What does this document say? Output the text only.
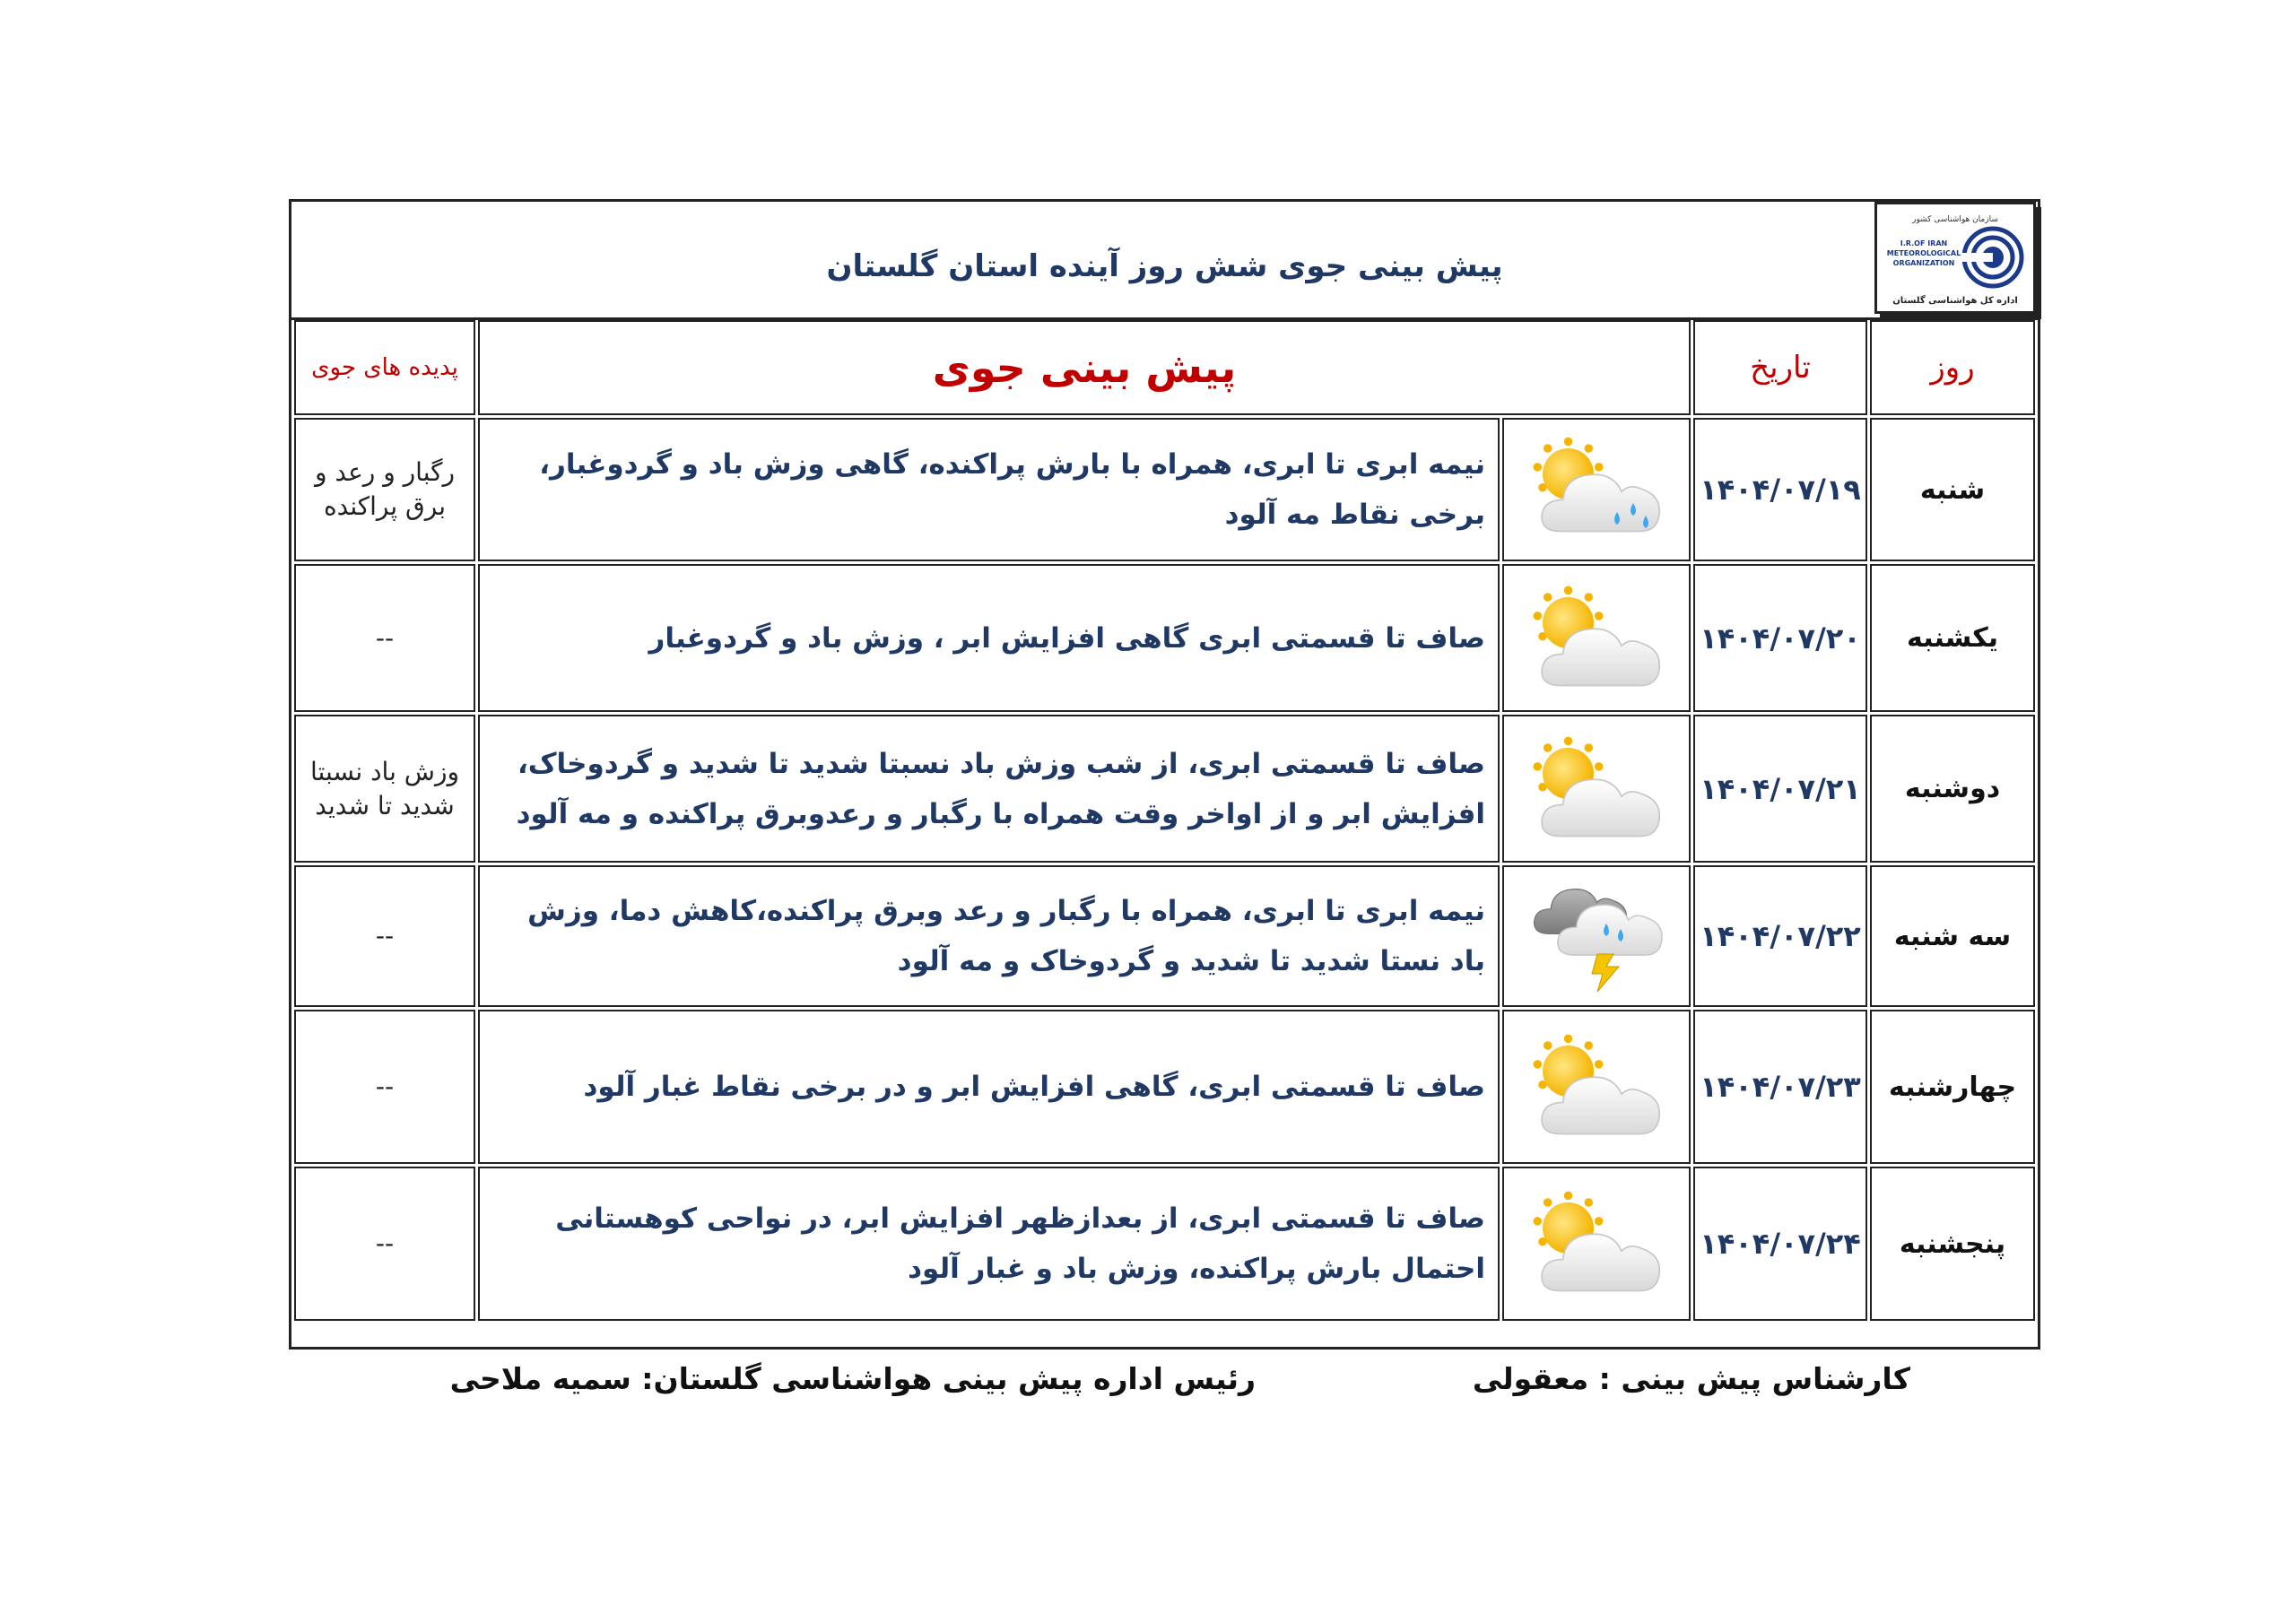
پیش بینی جوی شش روز آینده استان گلستان
سازمان هواشناسی کشور
I.R.OF IRAN
METEOROLOGICAL
ORGANIZATION
اداره کل هواشناسی گلستان
روز	تاریخ	پیش بینی جوی		پدیده های جوی
شنبه	۱۴۰۴/۰۷/۱۹		نیمه ابری تا ابری، همراه با بارش پراکنده، گاهی وزش باد و گردوغبار، برخی نقاط مه آلود	رگبار و رعد و برق پراکنده
یکشنبه	۱۴۰۴/۰۷/۲۰		صاف تا قسمتی ابری گاهی افزایش ابر ، وزش باد و گردوغبار	--
دوشنبه	۱۴۰۴/۰۷/۲۱		صاف تا قسمتی ابری، از شب وزش باد نسبتا شدید تا شدید و گردوخاک، افزایش ابر و از اواخر وقت همراه با رگبار و رعدوبرق پراکنده و مه آلود	وزش باد نسبتا شدید تا شدید
سه شنبه	۱۴۰۴/۰۷/۲۲		نیمه ابری تا ابری، همراه با رگبار و رعد وبرق پراکنده،کاهش دما، وزش باد نستا شدید تا شدید و گردوخاک و مه آلود	--
چهارشنبه	۱۴۰۴/۰۷/۲۳		صاف تا قسمتی ابری، گاهی افزایش ابر و در برخی نقاط غبار آلود	--
پنجشنبه	۱۴۰۴/۰۷/۲۴		صاف تا قسمتی ابری، از بعدازظهر افزایش ابر، در نواحی کوهستانی احتمال بارش پراکنده، وزش باد و غبار آلود	--
کارشناس پیش بینی : معقولی
رئیس اداره پیش بینی هواشناسی گلستان: سمیه ملاحی
